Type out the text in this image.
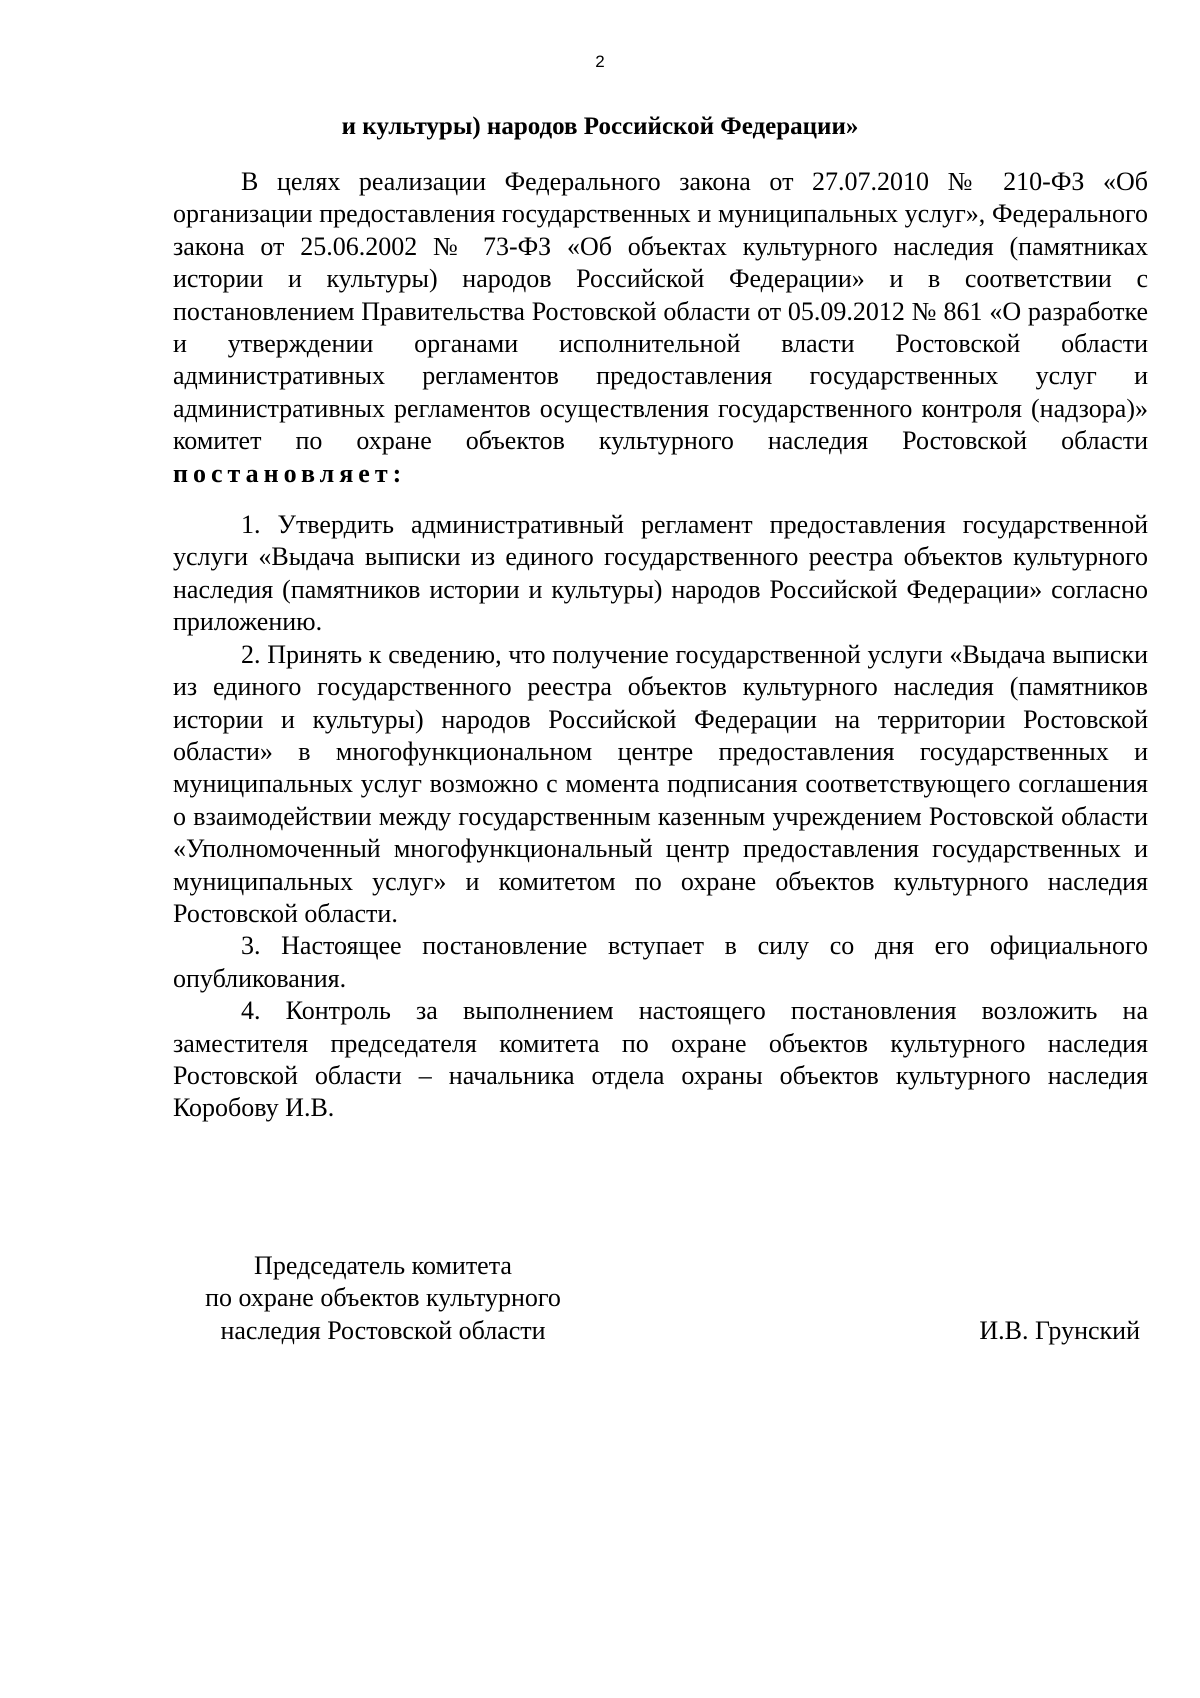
2
и культуры) народов Российской Федерации»

В целях реализации Федерального закона от 27.07.2010 № 210-ФЗ «Об организации предоставления государственных и муниципальных услуг», Федерального закона от 25.06.2002 № 73-ФЗ «Об объектах культурного наследия (памятниках истории и культуры) народов Российской Федерации» и в соответствии с постановлением Правительства Ростовской области от 05.09.2012 № 861 «О разработке и утверждении органами исполнительной власти Ростовской области административных регламентов предоставления государственных услуг и административных регламентов осуществления государственного контроля (надзора)» комитет по охране объектов культурного наследия Ростовской области постановляет:

1. Утвердить административный регламент предоставления государственной услуги «Выдача выписки из единого государственного реестра объектов культурного наследия (памятников истории и культуры) народов Российской Федерации» согласно приложению.

2. Принять к сведению, что получение государственной услуги «Выдача выписки из единого государственного реестра объектов культурного наследия (памятников истории и культуры) народов Российской Федерации на территории Ростовской области» в многофункциональном центре предоставления государственных и муниципальных услуг возможно с момента подписания соответствующего соглашения о взаимодействии между государственным казенным учреждением Ростовской области «Уполномоченный многофункциональный центр предоставления государственных и муниципальных услуг» и комитетом по охране объектов культурного наследия Ростовской области.

3. Настоящее постановление вступает в силу со дня его официального опубликования.

4. Контроль за выполнением настоящего постановления возложить на заместителя председателя комитета по охране объектов культурного наследия Ростовской области – начальника отдела охраны объектов культурного наследия Коробову И.В.

Председатель комитета
по охране объектов культурного
наследия Ростовской области	И.В. Грунский
